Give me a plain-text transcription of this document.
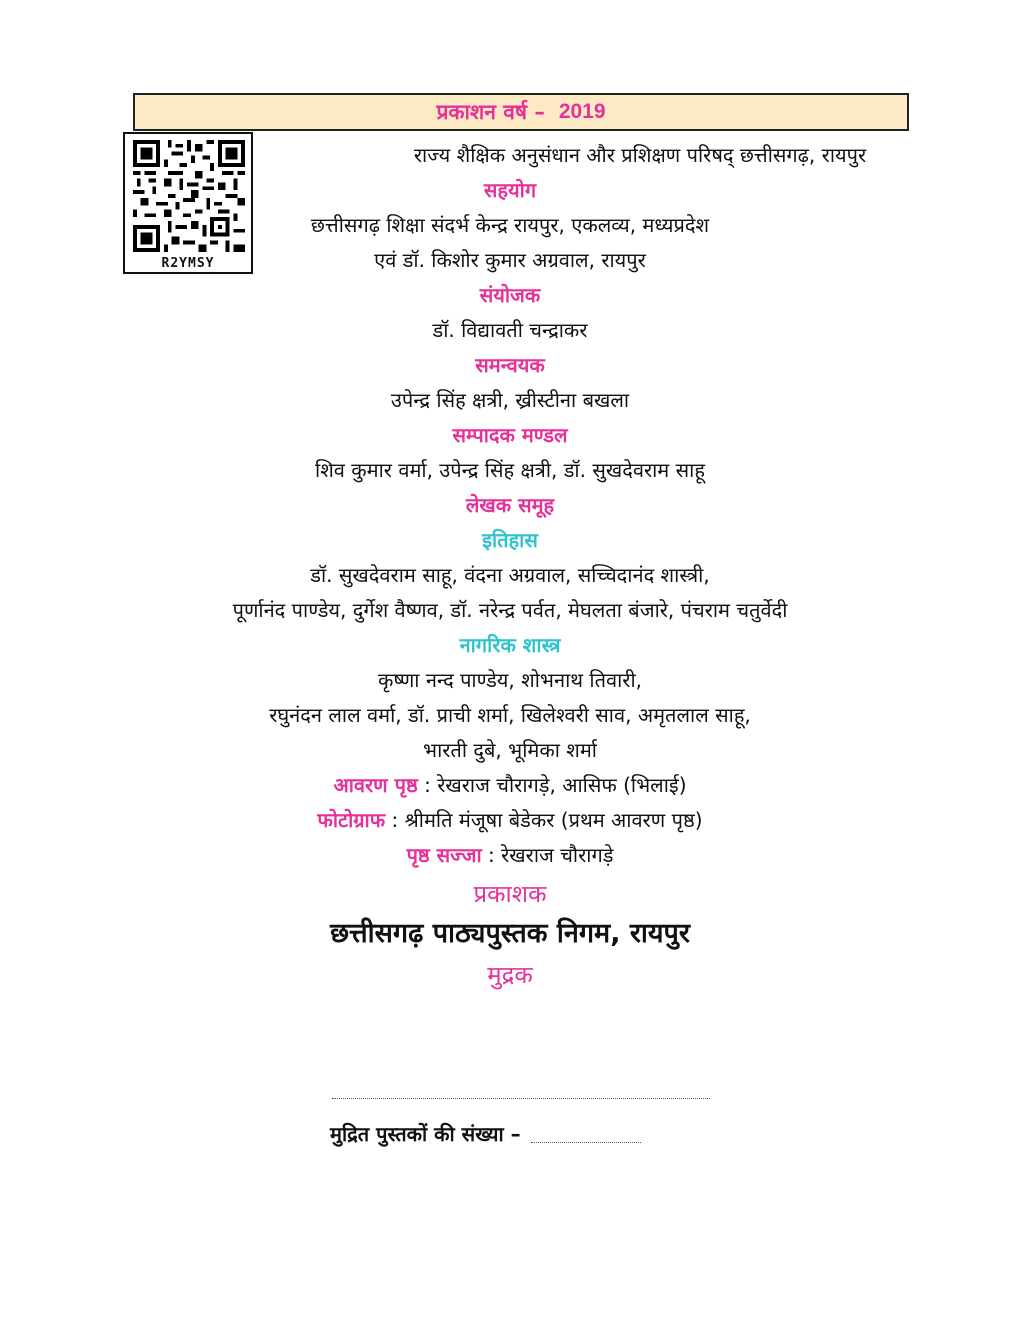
प्रकाशन वर्ष – 2019
R2YMSY
राज्य शैक्षिक अनुसंधान और प्रशिक्षण परिषद् छत्तीसगढ़, रायपुर
सहयोग
छत्तीसगढ़ शिक्षा संदर्भ केन्द्र रायपुर, एकलव्य, मध्यप्रदेश
एवं डॉ. किशोर कुमार अग्रवाल, रायपुर
संयोजक
डॉ. विद्यावती चन्द्राकर
समन्वयक
उपेन्द्र सिंह क्षत्री, ख्रीस्टीना बखला
सम्पादक मण्डल
शिव कुमार वर्मा, उपेन्द्र सिंह क्षत्री, डॉ. सुखदेवराम साहू
लेखक समूह
इतिहास
डॉ. सुखदेवराम साहू, वंदना अग्रवाल, सच्चिदानंद शास्त्री,
पूर्णानंद पाण्डेय, दुर्गेश वैष्णव, डॉ. नरेन्द्र पर्वत, मेघलता बंजारे, पंचराम चतुर्वेदी
नागरिक शास्त्र
कृष्णा नन्द पाण्डेय, शोभनाथ तिवारी,
रघुनंदन लाल वर्मा, डॉ. प्राची शर्मा, खिलेश्वरी साव, अमृतलाल साहू,
भारती दुबे, भूमिका शर्मा
आवरण पृष्ठ : रेखराज चौरागड़े, आसिफ (भिलाई)
फोटोग्राफ : श्रीमति मंजूषा बेडेकर (प्रथम आवरण पृष्ठ)
पृष्ठ सज्जा : रेखराज चौरागड़े
प्रकाशक
छत्तीसगढ़ पाठ्यपुस्तक निगम, रायपुर
मुद्रक
मुद्रित पुस्तकों की संख्या –
